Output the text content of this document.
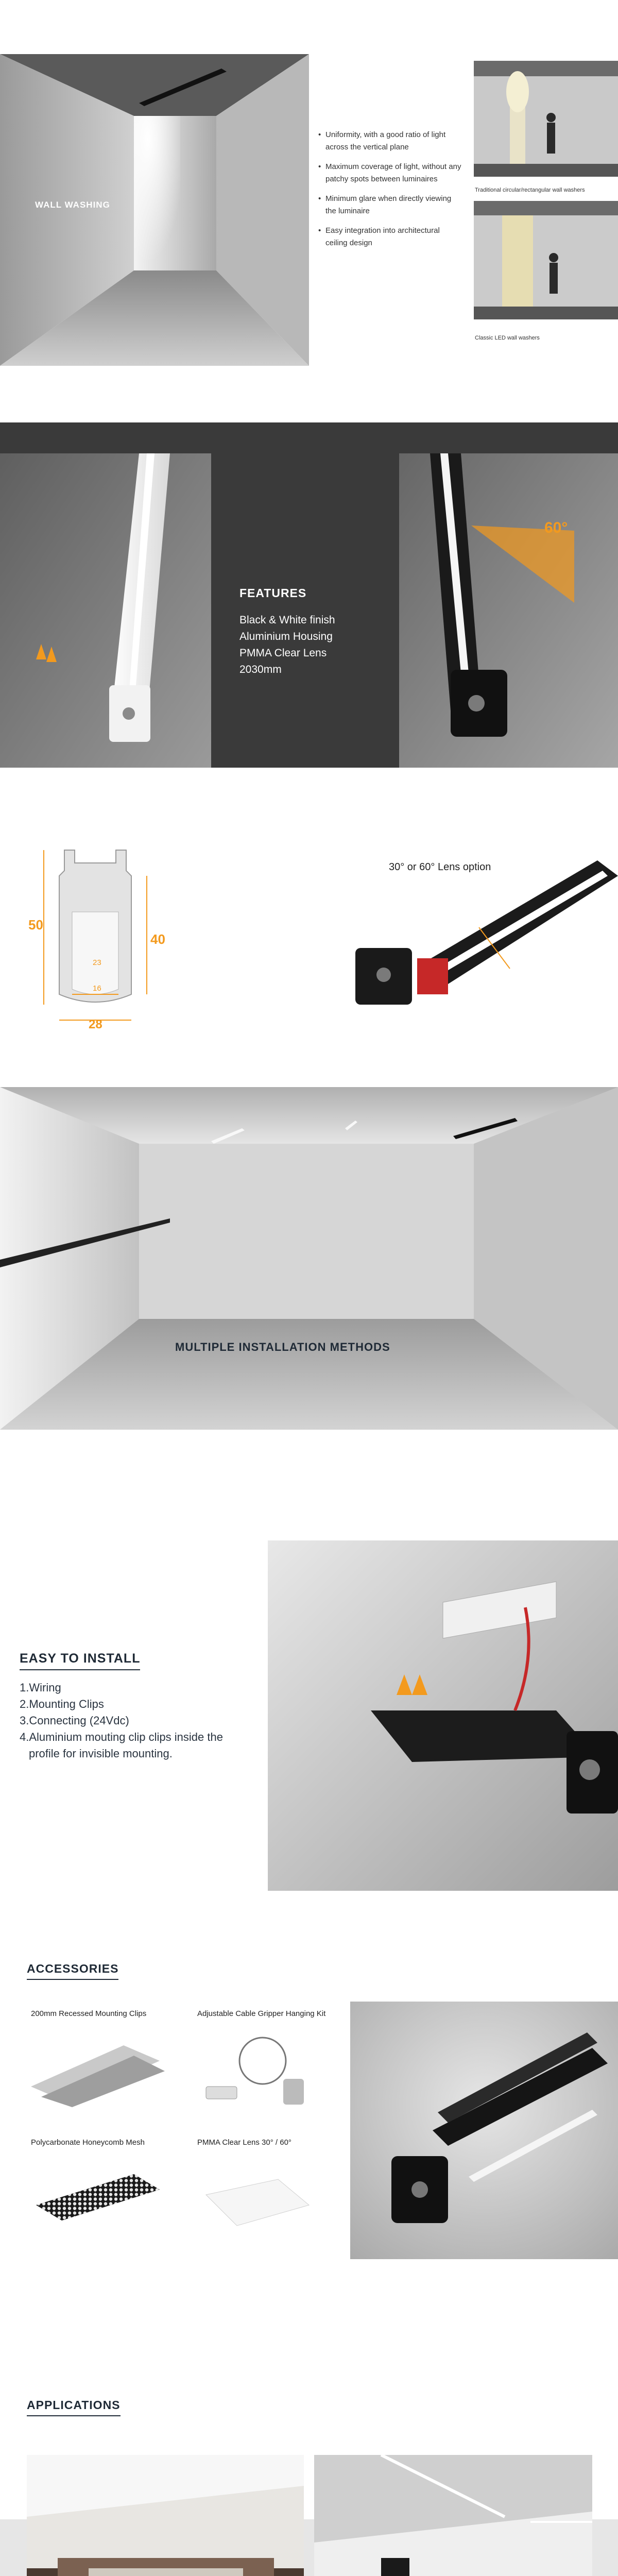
WALL WASHING
• Uniformity, with a good ratio of light across the vertical plane
• Maximum coverage of light, without any patchy spots between luminaires
• Minimum glare when directly viewing the luminaire
• Easy integration into architectural ceiling design
Traditional circular/rectangular wall washers
Classic LED wall washers
FEATURES
Black & White finish
Aluminium Housing
PMMA Clear Lens
2030mm
60°
50
40
23
16
28
30° or 60° Lens option
MULTIPLE INSTALLATION METHODS
EASY TO INSTALL
1.Wiring
2.Mounting Clips
3.Connecting (24Vdc)
4.Aluminium mouting clip clips inside the
profile for invisible mounting.
ACCESSORIES
200mm Recessed Mounting Clips	Adjustable Cable Gripper Hanging Kit
Polycarbonate Honeycomb Mesh	PMMA Clear Lens 30° / 60°
APPLICATIONS
